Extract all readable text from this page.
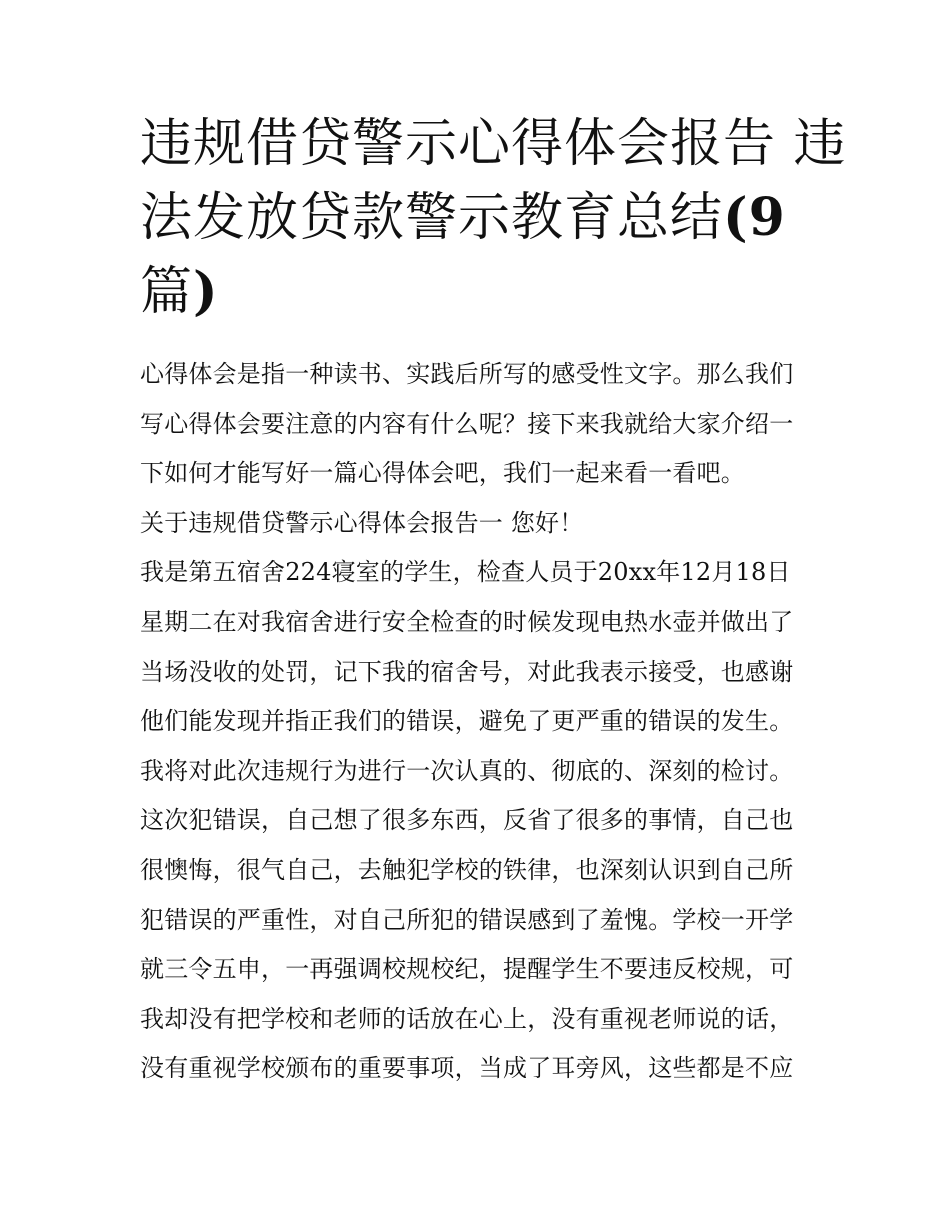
违规借贷警示心得体会报告 违
法发放贷款警示教育总结(9
篇)
心得体会是指一种读书、实践后所写的感受性文字。那么我们
写心得体会要注意的内容有什么呢？接下来我就给大家介绍一
下如何才能写好一篇心得体会吧，我们一起来看一看吧。
关于违规借贷警示心得体会报告一 您好！
我是第五宿舍224寝室的学生，检查人员于20xx年12月18日
星期二在对我宿舍进行安全检查的时候发现电热水壶并做出了
当场没收的处罚，记下我的宿舍号，对此我表示接受，也感谢
他们能发现并指正我们的错误，避免了更严重的错误的发生。
我将对此次违规行为进行一次认真的、彻底的、深刻的检讨。
这次犯错误，自己想了很多东西，反省了很多的事情，自己也
很懊悔，很气自己，去触犯学校的铁律，也深刻认识到自己所
犯错误的严重性，对自己所犯的错误感到了羞愧。学校一开学
就三令五申，一再强调校规校纪，提醒学生不要违反校规，可
我却没有把学校和老师的话放在心上，没有重视老师说的话，
没有重视学校颁布的重要事项，当成了耳旁风，这些都是不应
